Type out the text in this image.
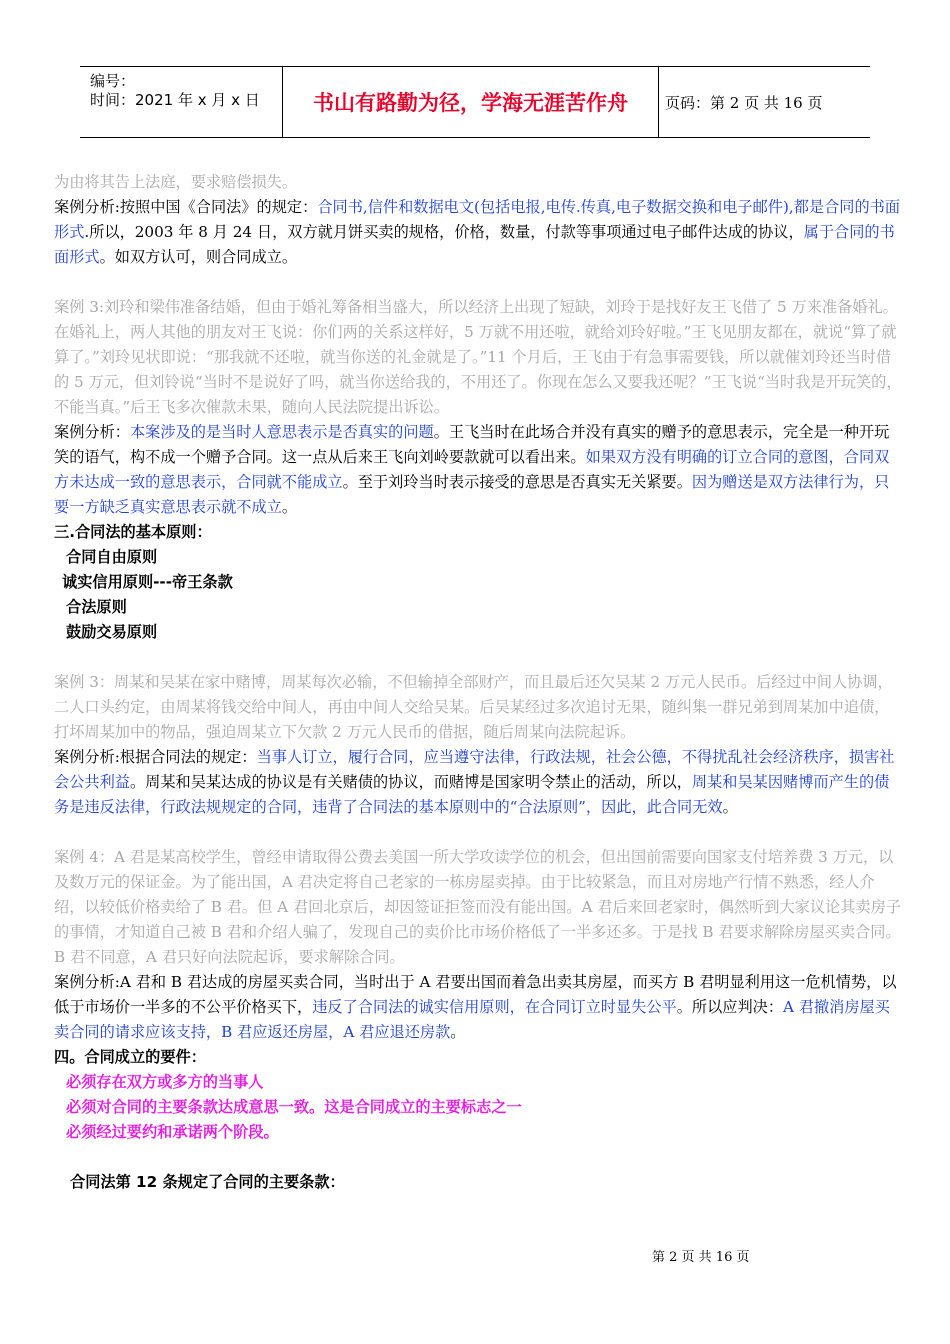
编号：
时间：2021 年 x 月 x 日	书山有路勤为径，学海无涯苦作舟 页码：第 2 页 共 16 页

为由将其告上法庭，要求赔偿损失。

案例分析:按照中国《合同法》的规定：合同书,信件和数据电文(包括电报,电传.传真,电子数据交换和电子邮件),都是合同的书面形式.所以，2003 年 8 月 24 日，双方就月饼买卖的规格，价格，数量，付款等事项通过电子邮件达成的协议，属于合同的书面形式。如双方认可，则合同成立。

案例 3:刘玲和梁伟准备结婚，但由于婚礼筹备相当盛大，所以经济上出现了短缺，刘玲于是找好友王飞借了 5 万来准备婚礼。在婚礼上，两人其他的朋友对王飞说：你们两的关系这样好，5 万就不用还啦，就给刘玲好啦。”王飞见朋友都在，就说“算了就算了。”刘玲见状即说：“那我就不还啦，就当你送的礼金就是了。”11 个月后，王飞由于有急事需要钱，所以就催刘玲还当时借的 5 万元，但刘铃说“当时不是说好了吗，就当你送给我的，不用还了。你现在怎么又要我还呢？”王飞说“当时我是开玩笑的，不能当真。”后王飞多次催款未果，随向人民法院提出诉讼。

案例分析：本案涉及的是当时人意思表示是否真实的问题。王飞当时在此场合并没有真实的赠予的意思表示，完全是一种开玩笑的语气，构不成一个赠予合同。这一点从后来王飞向刘岭要款就可以看出来。如果双方没有明确的订立合同的意图，合同双方未达成一致的意思表示，合同就不能成立。至于刘玲当时表示接受的意思是否真实无关紧要。因为赠送是双方法律行为，只要一方缺乏真实意思表示就不成立。

三.合同法的基本原则：

合同自由原则

诚实信用原则---帝王条款

合法原则

鼓励交易原则

案例 3：周某和吴某在家中赌博，周某每次必输，不但输掉全部财产，而且最后还欠吴某 2 万元人民币。后经过中间人协调，二人口头约定，由周某将钱交给中间人，再由中间人交给吴某。后吴某经过多次追讨无果，随纠集一群兄弟到周某加中追债，打坏周某加中的物品，强迫周某立下欠款 2 万元人民币的借据，随后周某向法院起诉。

案例分析:根据合同法的规定：当事人订立，履行合同，应当遵守法律，行政法规，社会公德，不得扰乱社会经济秩序，损害社会公共利益。周某和吴某达成的协议是有关赌债的协议，而赌博是国家明令禁止的活动，所以，周某和吴某因赌博而产生的债务是违反法律，行政法规规定的合同，违背了合同法的基本原则中的“合法原则”，因此，此合同无效。

案例 4：A 君是某高校学生，曾经申请取得公费去美国一所大学攻读学位的机会，但出国前需要向国家支付培养费 3 万元，以及数万元的保证金。为了能出国，A 君决定将自己老家的一栋房屋卖掉。由于比较紧急，而且对房地产行情不熟悉，经人介绍，以较低价格卖给了 B 君。但 A 君回北京后，却因签证拒签而没有能出国。A 君后来回老家时，偶然听到大家议论其卖房子的事情，才知道自己被 B 君和介绍人骗了，发现自己的卖价比市场价格低了一半多还多。于是找 B 君要求解除房屋买卖合同。B 君不同意，A 君只好向法院起诉，要求解除合同。

案例分析:A 君和 B 君达成的房屋买卖合同，当时出于 A 君要出国而着急出卖其房屋，而买方 B 君明显利用这一危机情势，以低于市场价一半多的不公平价格买下，违反了合同法的诚实信用原则，在合同订立时显失公平。所以应判决：A 君撤消房屋买卖合同的请求应该支持，B 君应返还房屋，A 君应退还房款。

四。合同成立的要件：

必须存在双方或多方的当事人

必须对合同的主要条款达成意思一致。这是合同成立的主要标志之一

必须经过要约和承诺两个阶段。

合同法第 12 条规定了合同的主要条款：

第 2 页 共 16 页
